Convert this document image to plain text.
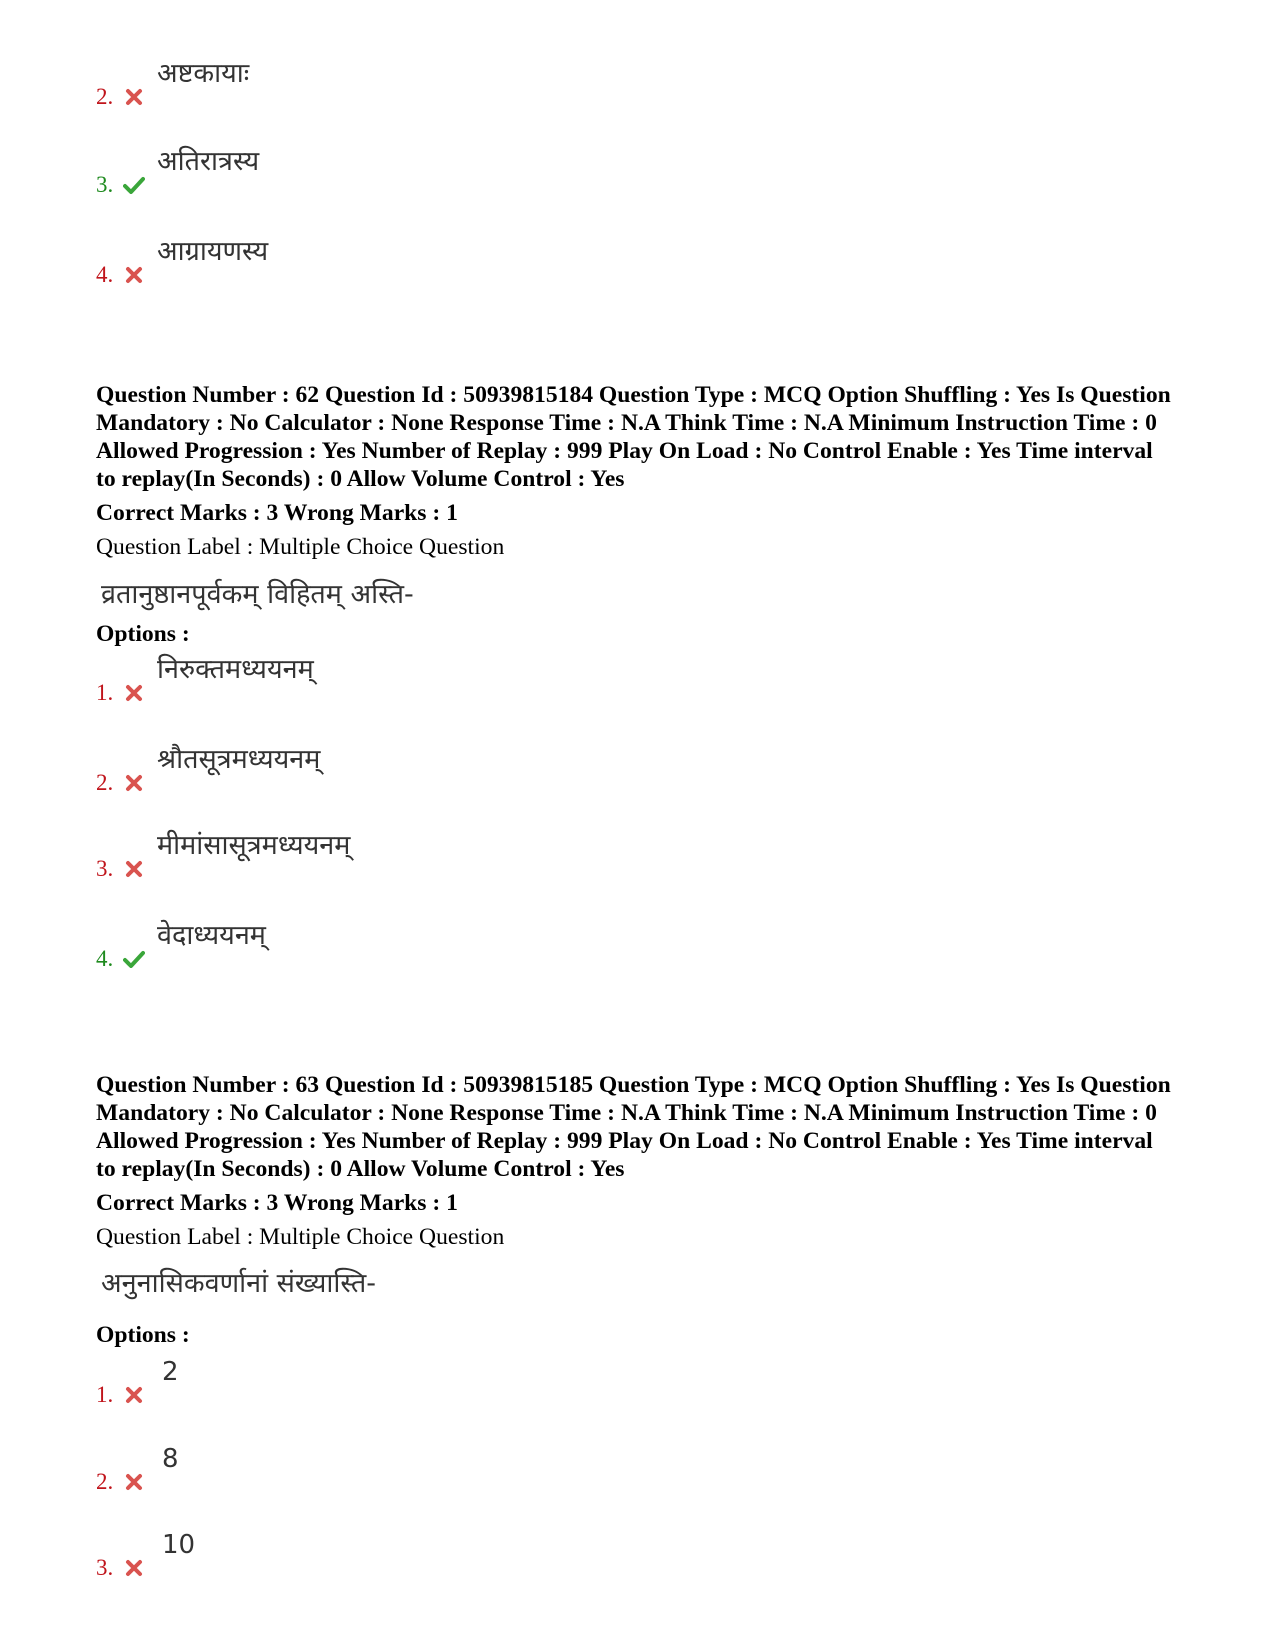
2.
अष्टकायाः
3.
अतिरात्रस्य
4.
आग्रायणस्य
Question Number : 62 Question Id : 50939815184 Question Type : MCQ Option Shuffling : Yes Is Question Mandatory : No Calculator : None Response Time : N.A Think Time : N.A Minimum Instruction Time : 0 Allowed Progression : Yes Number of Replay : 999 Play On Load : No Control Enable : Yes Time interval to replay(In Seconds) : 0 Allow Volume Control : Yes
Correct Marks : 3 Wrong Marks : 1
Question Label : Multiple Choice Question
व्रतानुष्ठानपूर्वकम् विहितम् अस्ति-
Options :
1.
निरुक्तमध्ययनम्
2.
श्रौतसूत्रमध्ययनम्
3.
मीमांसासूत्रमध्ययनम्
4.
वेदाध्ययनम्
Question Number : 63 Question Id : 50939815185 Question Type : MCQ Option Shuffling : Yes Is Question Mandatory : No Calculator : None Response Time : N.A Think Time : N.A Minimum Instruction Time : 0 Allowed Progression : Yes Number of Replay : 999 Play On Load : No Control Enable : Yes Time interval to replay(In Seconds) : 0 Allow Volume Control : Yes
Correct Marks : 3 Wrong Marks : 1
Question Label : Multiple Choice Question
अनुनासिकवर्णानां संख्यास्ति-
Options :
1.
2
2.
8
3.
10
